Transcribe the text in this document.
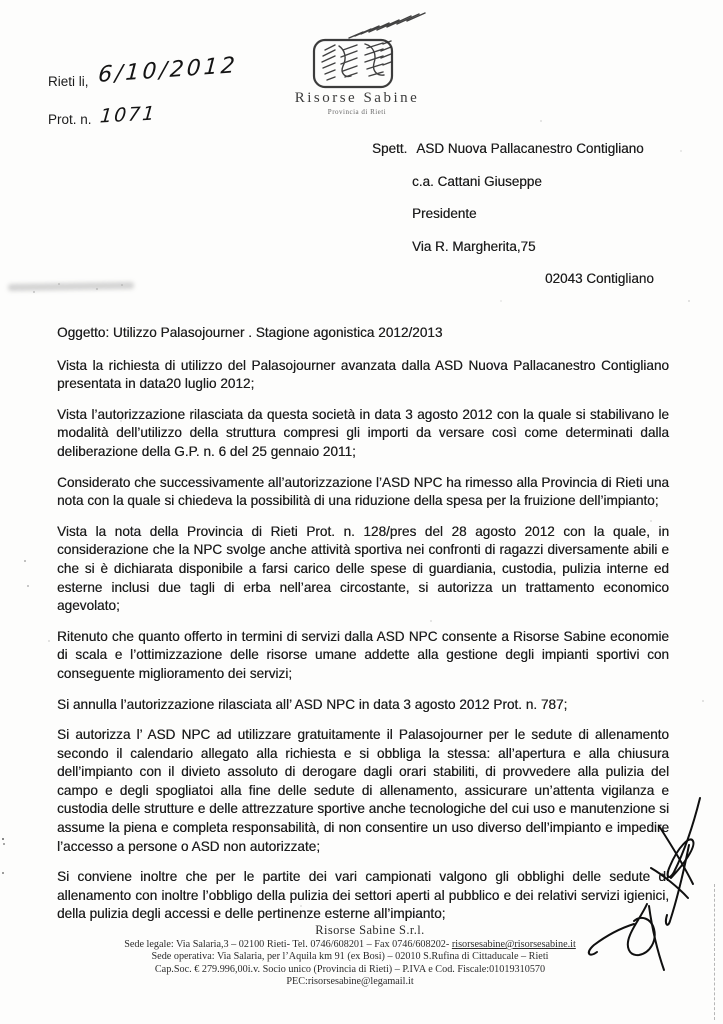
Rieti li, 6/10/2012
Prot. n. 1071
Risorse Sabine
Provincia di Rieti
Spett. ASD Nuova Pallacanestro Contigliano
c.a. Cattani Giuseppe
Presidente
Via R. Margherita,75
02043 Contigliano

Oggetto: Utilizzo Palasojourner . Stagione agonistica 2012/2013

Vista la richiesta di utilizzo del Palasojourner avanzata dalla ASD Nuova Pallacanestro Contigliano presentata in data20 luglio 2012;

Vista l’autorizzazione rilasciata da questa società in data 3 agosto 2012 con la quale si stabilivano le modalità dell’utilizzo della struttura compresi gli importi da versare così come determinati dalla deliberazione della G.P. n. 6 del 25 gennaio 2011;

Considerato che successivamente all’autorizzazione l’ASD NPC ha rimesso alla Provincia di Rieti una nota con la quale si chiedeva la possibilità di una riduzione della spesa per la fruizione dell’impianto;

Vista la nota della Provincia di Rieti Prot. n. 128/pres del 28 agosto 2012 con la quale, in considerazione che la NPC svolge anche attività sportiva nei confronti di ragazzi diversamente abili e che si è dichiarata disponibile a farsi carico delle spese di guardiania, custodia, pulizia interne ed esterne inclusi due tagli di erba nell’area circostante, si autorizza un trattamento economico agevolato;

Ritenuto che quanto offerto in termini di servizi dalla ASD NPC consente a Risorse Sabine economie di scala e l’ottimizzazione delle risorse umane addette alla gestione degli impianti sportivi con conseguente miglioramento dei servizi;

Si annulla l’autorizzazione rilasciata all’ ASD NPC in data 3 agosto 2012 Prot. n. 787;

Si autorizza l’ ASD NPC ad utilizzare gratuitamente il Palasojourner per le sedute di allenamento secondo il calendario allegato alla richiesta e si obbliga la stessa: all’apertura e alla chiusura dell’impianto con il divieto assoluto di derogare dagli orari stabiliti, di provvedere alla pulizia del campo e degli spogliatoi alla fine delle sedute di allenamento, assicurare un’attenta vigilanza e custodia delle strutture e delle attrezzature sportive anche tecnologiche del cui uso e manutenzione si assume la piena e completa responsabilità, di non consentire un uso diverso dell’impianto e impedire l’accesso a persone o ASD non autorizzate;

Si conviene inoltre che per le partite dei vari campionati valgono gli obblighi delle sedute di allenamento con inoltre l’obbligo della pulizia dei settori aperti al pubblico e dei relativi servizi igienici, della pulizia degli accessi e delle pertinenze esterne all’impianto;

Risorse Sabine S.r.l.
Sede legale: Via Salaria,3 – 02100 Rieti- Tel. 0746/608201 – Fax 0746/608202- risorsesabine@risorsesabine.it
Sede operativa: Via Salaria, per l’Aquila km 91 (ex Bosi) – 02010 S.Rufina di Cittaducale – Rieti
Cap.Soc. € 279.996,00i.v. Socio unico (Provincia di Rieti) – P.IVA e Cod. Fiscale:01019310570
PEC:risorsesabine@legamail.it
